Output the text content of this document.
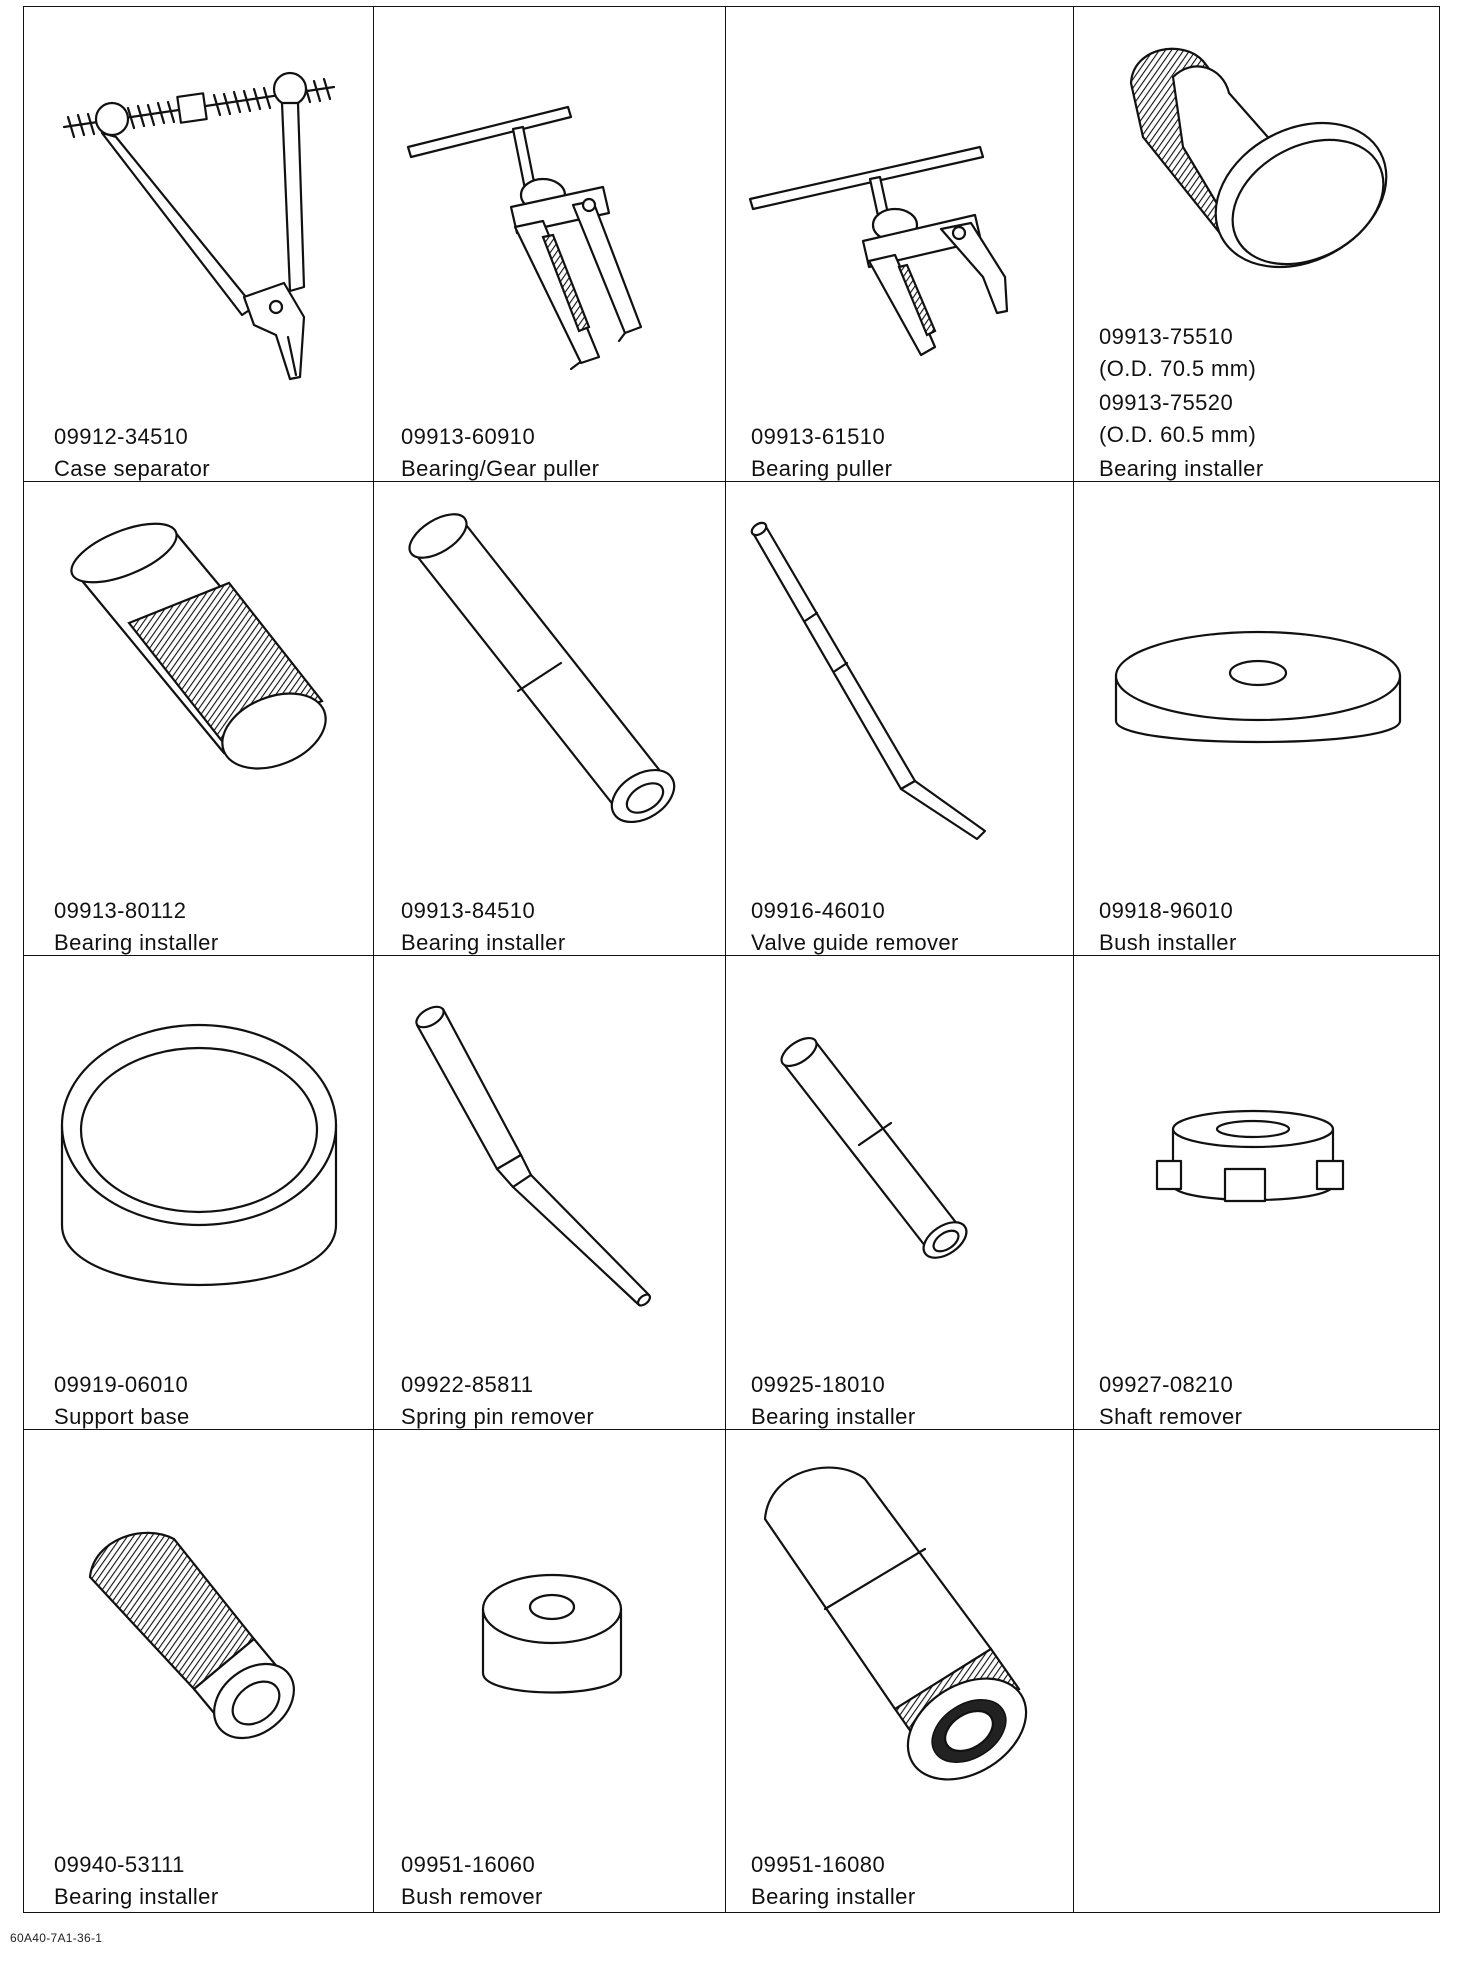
09912-34510
Case separator
09913-60910
Bearing/Gear puller
09913-61510
Bearing puller
09913-75510
(O.D. 70.5 mm)
09913-75520
(O.D. 60.5 mm)
Bearing installer
09913-80112
Bearing installer
09913-84510
Bearing installer
09916-46010
Valve guide remover
09918-96010
Bush installer
09919-06010
Support base
09922-85811
Spring pin remover
09925-18010
Bearing installer
09927-08210
Shaft remover
09940-53111
Bearing installer
09951-16060
Bush remover
09951-16080
Bearing installer
60A40-7A1-36-1
